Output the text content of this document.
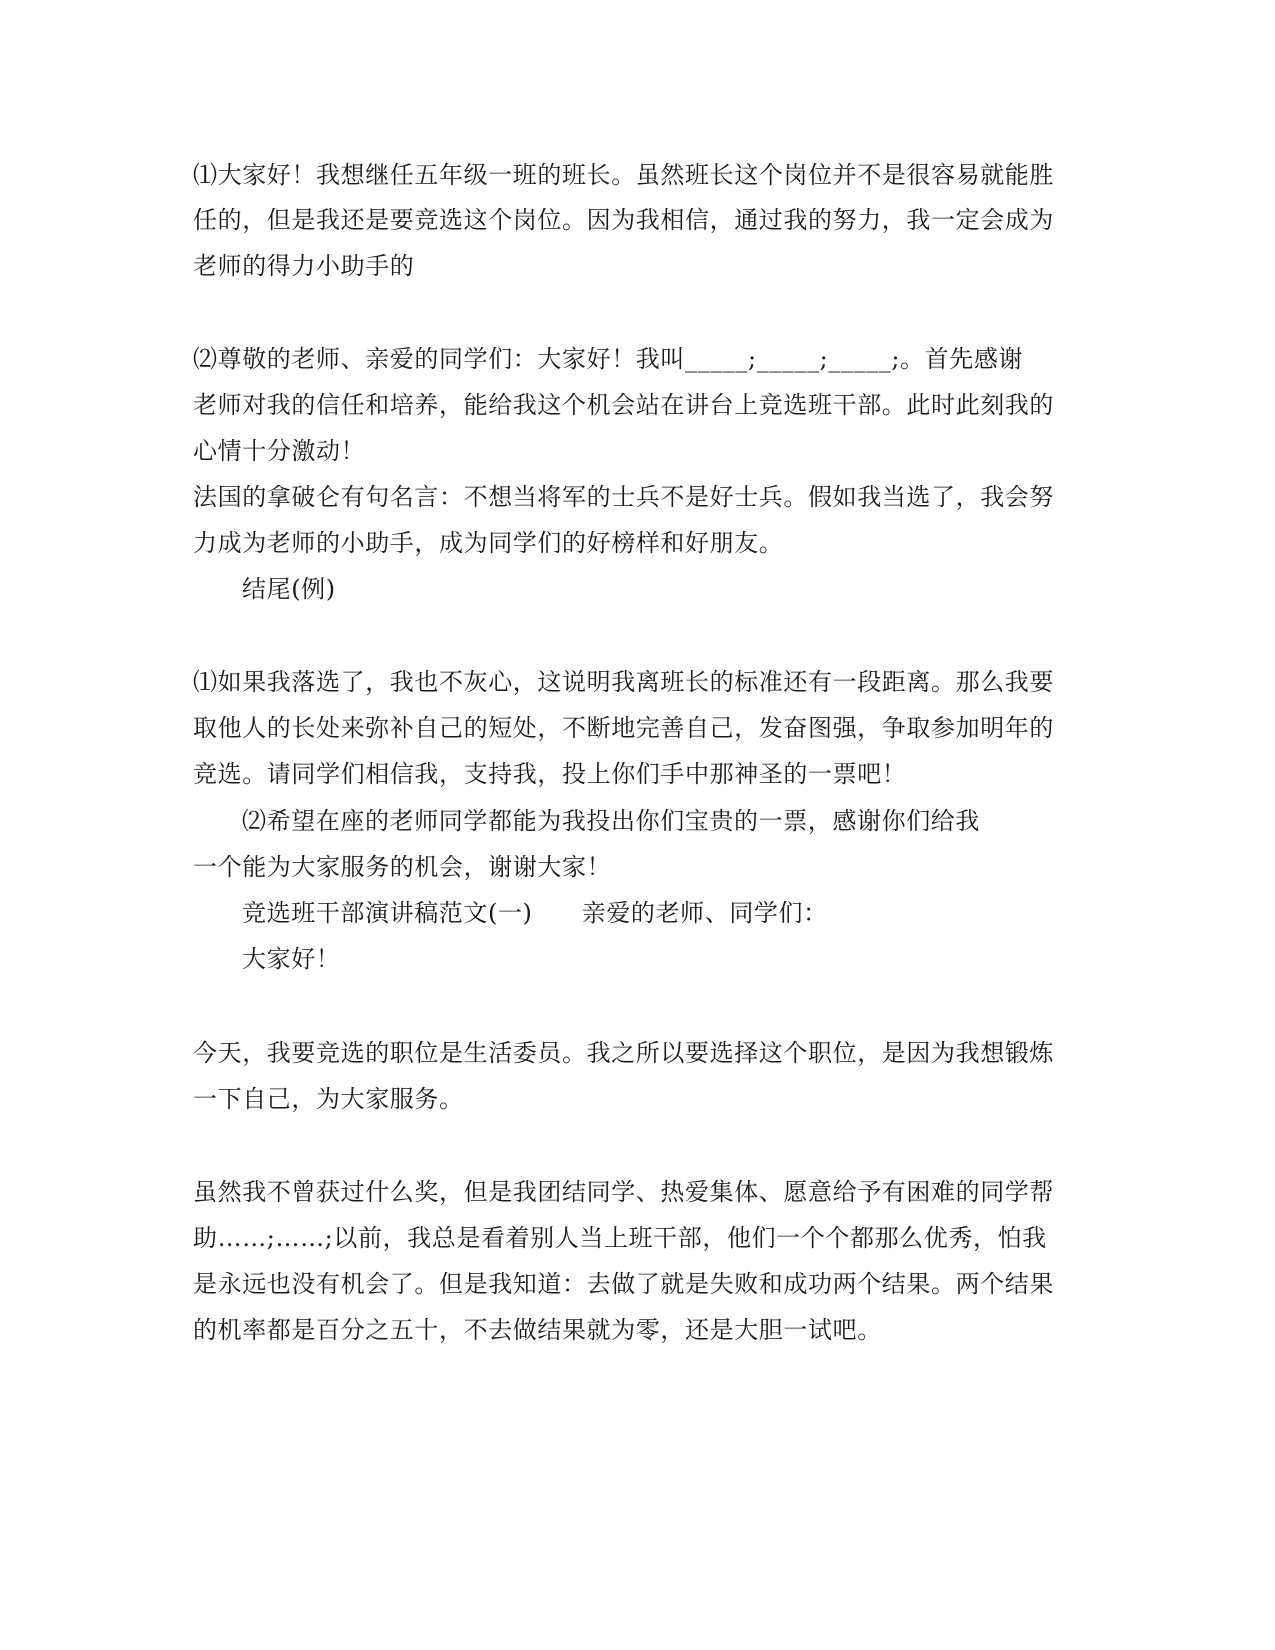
⑴大家好！我想继任五年级一班的班长。虽然班长这个岗位并不是很容易就能胜
任的，但是我还是要竞选这个岗位。因为我相信，通过我的努力，我一定会成为
老师的得力小助手的
⑵尊敬的老师、亲爱的同学们：大家好！我叫_____;_____;_____;。首先感谢
老师对我的信任和培养，能给我这个机会站在讲台上竞选班干部。此时此刻我的
心情十分激动！
法国的拿破仑有句名言：不想当将军的士兵不是好士兵。假如我当选了，我会努
力成为老师的小助手，成为同学们的好榜样和好朋友。
结尾(例)
⑴如果我落选了，我也不灰心，这说明我离班长的标准还有一段距离。那么我要
取他人的长处来弥补自己的短处，不断地完善自己，发奋图强，争取参加明年的
竞选。请同学们相信我，支持我，投上你们手中那神圣的一票吧！
⑵希望在座的老师同学都能为我投出你们宝贵的一票，感谢你们给我
一个能为大家服务的机会，谢谢大家！
竞选班干部演讲稿范文(一)　　亲爱的老师、同学们：
大家好！
今天，我要竞选的职位是生活委员。我之所以要选择这个职位，是因为我想锻炼
一下自己，为大家服务。
虽然我不曾获过什么奖，但是我团结同学、热爱集体、愿意给予有困难的同学帮
助……;……;以前，我总是看着别人当上班干部，他们一个个都那么优秀，怕我
是永远也没有机会了。但是我知道：去做了就是失败和成功两个结果。两个结果
的机率都是百分之五十，不去做结果就为零，还是大胆一试吧。
